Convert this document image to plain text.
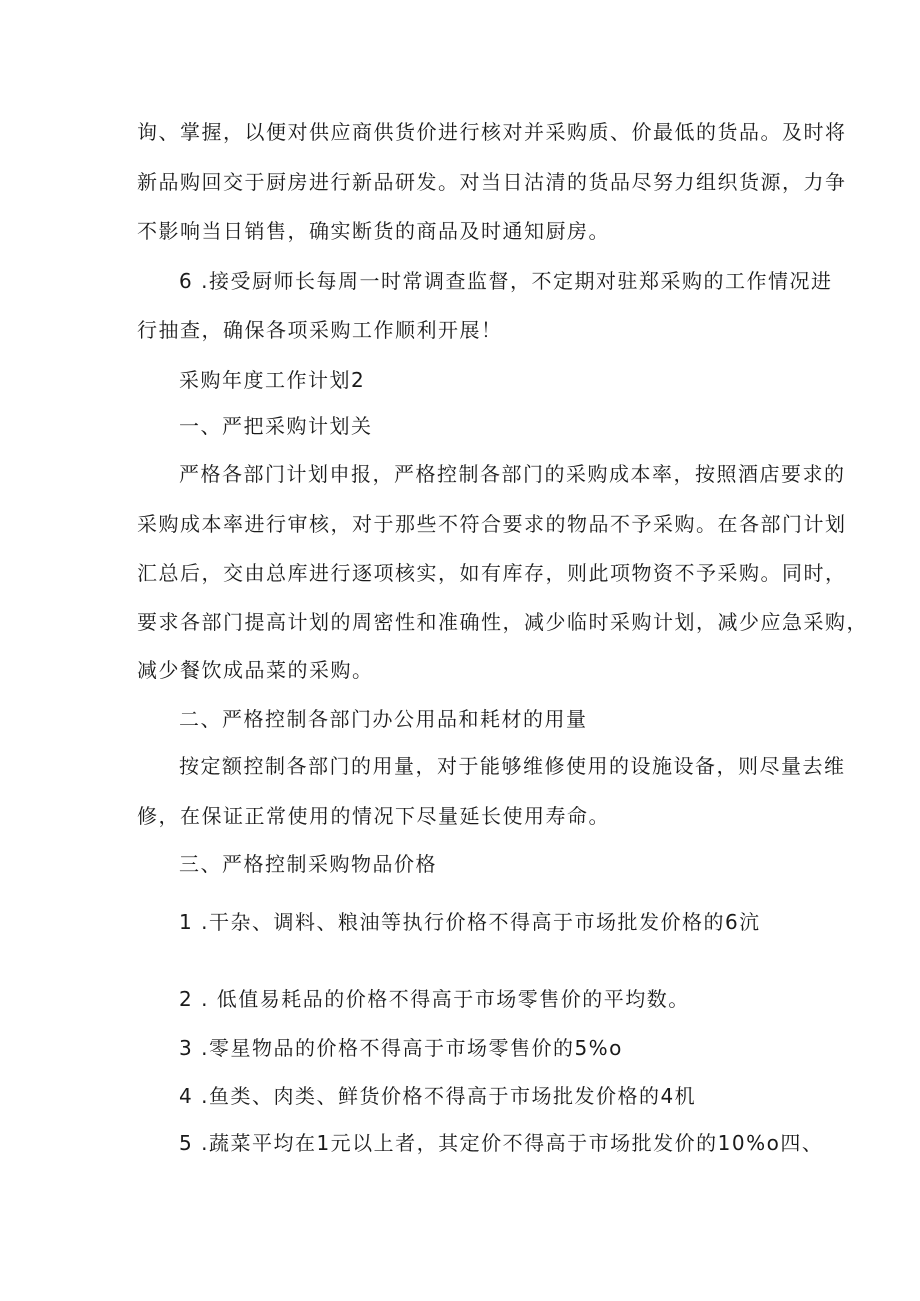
询、掌握，以便对供应商供货价进行核对并采购质、价最低的货品。及时将
新品购回交于厨房进行新品研发。对当日沽清的货品尽努力组织货源，力争
不影响当日销售，确实断货的商品及时通知厨房。
6 .接受厨师长每周一时常调查监督，不定期对驻郑采购的工作情况进
行抽查，确保各项采购工作顺利开展！
采购年度工作计划2
一、严把采购计划关
严格各部门计划申报，严格控制各部门的采购成本率，按照酒店要求的
采购成本率进行审核，对于那些不符合要求的物品不予采购。在各部门计划
汇总后，交由总库进行逐项核实，如有库存，则此项物资不予采购。同时，
要求各部门提高计划的周密性和准确性，减少临时采购计划，减少应急采购，
减少餐饮成品菜的采购。
二、严格控制各部门办公用品和耗材的用量
按定额控制各部门的用量，对于能够维修使用的设施设备，则尽量去维
修，在保证正常使用的情况下尽量延长使用寿命。
三、严格控制采购物品价格
1 .干杂、调料、粮油等执行价格不得高于市场批发价格的6沆
2 . 低值易耗品的价格不得高于市场零售价的平均数。
3 .零星物品的价格不得高于市场零售价的5%o
4 .鱼类、肉类、鲜货价格不得高于市场批发价格的4机
5 .蔬菜平均在1元以上者，其定价不得高于市场批发价的10%o四、
